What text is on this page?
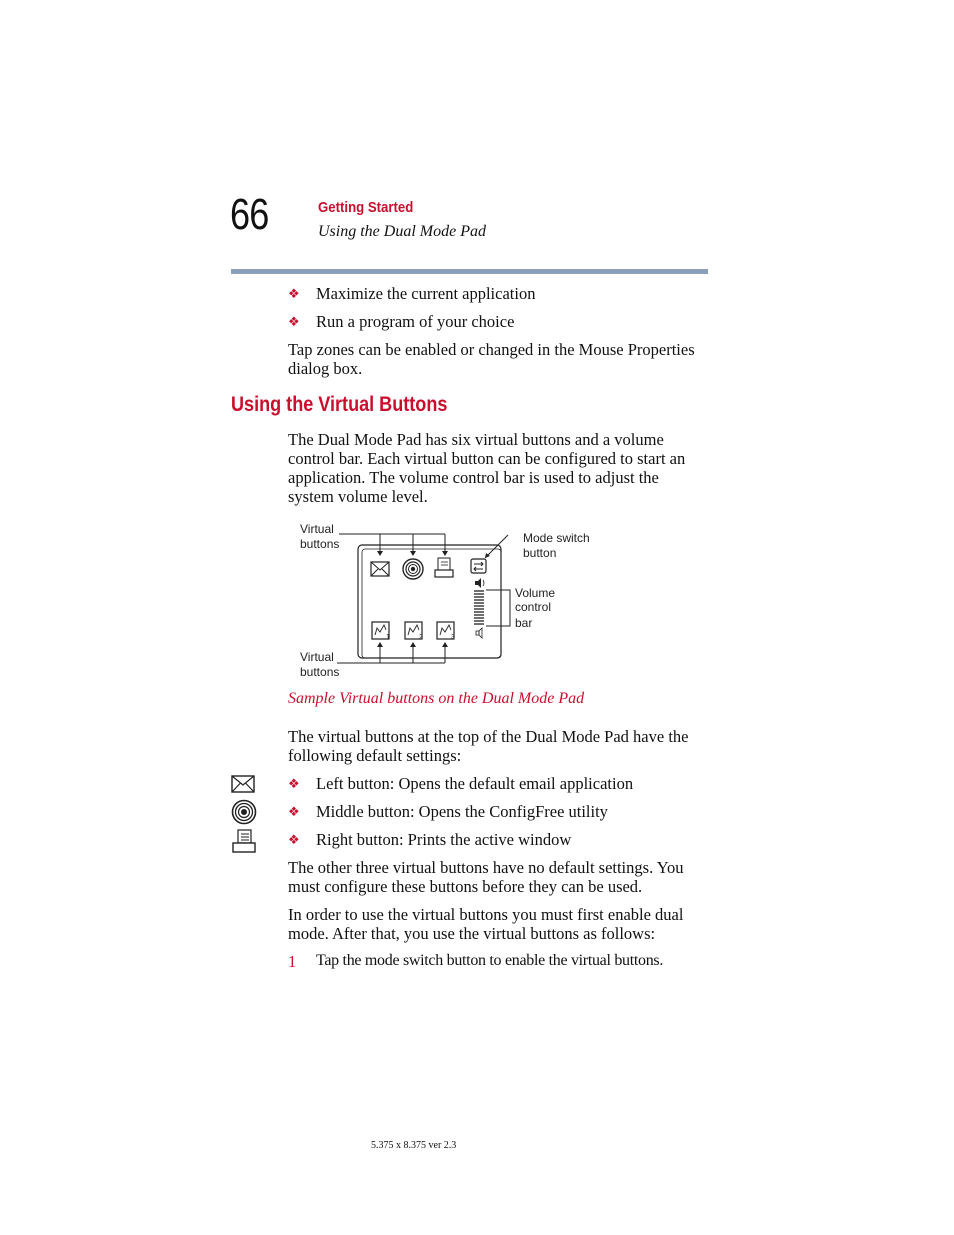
66	Getting Started
Using the Dual Mode Pad
❖ Maximize the current application
❖ Run a program of your choice
Tap zones can be enabled or changed in the Mouse Properties dialog box.
Using the Virtual Buttons
The Dual Mode Pad has six virtual buttons and a volume control bar. Each virtual button can be configured to start an application. The volume control bar is used to adjust the system volume level.
Virtual
buttons	Mode switch
button
Volume
control
bar
1	2	3
Virtual
buttons
Sample Virtual buttons on the Dual Mode Pad
The virtual buttons at the top of the Dual Mode Pad have the following default settings:
❖ Left button: Opens the default email application
❖ Middle button: Opens the ConfigFree utility
❖ Right button: Prints the active window
The other three virtual buttons have no default settings. You must configure these buttons before they can be used.
In order to use the virtual buttons you must first enable dual mode. After that, you use the virtual buttons as follows:
1 Tap the mode switch button to enable the virtual buttons.
5.375 x 8.375 ver 2.3
